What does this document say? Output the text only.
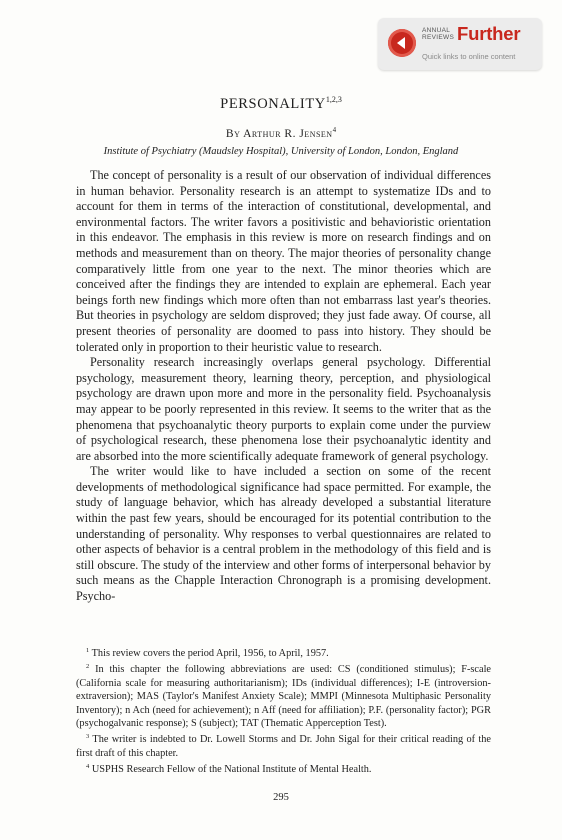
ANNUAL
REVIEWS Further
Quick links to online content
PERSONALITY$^{1,2,3}$
By Arthur R. Jensen$^4$
Institute of Psychiatry (Maudsley Hospital), University of London, London, England

The concept of personality is a result of our observation of individual differences in human behavior. Personality research is an attempt to systematize IDs and to account for them in terms of the interaction of constitutional, developmental, and environmental factors. The writer favors a positivistic and behavioristic orientation in this endeavor. The emphasis in this review is more on research findings and on methods and measurement than on theory. The major theories of personality change comparatively little from one year to the next. The minor theories which are conceived after the findings they are intended to explain are ephemeral. Each year beings forth new findings which more often than not embarrass last year's theories. But theories in psychology are seldom disproved; they just fade away. Of course, all present theories of personality are doomed to pass into history. They should be tolerated only in proportion to their heuristic value to research.

Personality research increasingly overlaps general psychology. Differential psychology, measurement theory, learning theory, perception, and physiological psychology are drawn upon more and more in the personality field. Psychoanalysis may appear to be poorly represented in this review. It seems to the writer that as the phenomena that psychoanalytic theory purports to explain come under the purview of psychological research, these phenomena lose their psychoanalytic identity and are absorbed into the more scientifically adequate framework of general psychology.

The writer would like to have included a section on some of the recent developments of methodological significance had space permitted. For example, the study of language behavior, which has already developed a substantial literature within the past few years, should be encouraged for its potential contribution to the understanding of personality. Why responses to verbal questionnaires are related to other aspects of behavior is a central problem in the methodology of this field and is still obscure. The study of the interview and other forms of interpersonal behavior by such means as the Chapple Interaction Chronograph is a promising development. Psycho-

$^1$ This review covers the period April, 1956, to April, 1957.

$^2$ In this chapter the following abbreviations are used: CS (conditioned stimulus); F-scale (California scale for measuring authoritarianism); IDs (individual differences); I-E (introversion-extraversion); MAS (Taylor's Manifest Anxiety Scale); MMPI (Minnesota Multiphasic Personality Inventory); n Ach (need for achievement); n Aff (need for affiliation); P.F. (personality factor); PGR (psychogalvanic response); S (subject); TAT (Thematic Apperception Test).

$^3$ The writer is indebted to Dr. Lowell Storms and Dr. John Sigal for their critical reading of the first draft of this chapter.

$^4$ USPHS Research Fellow of the National Institute of Mental Health.

295
